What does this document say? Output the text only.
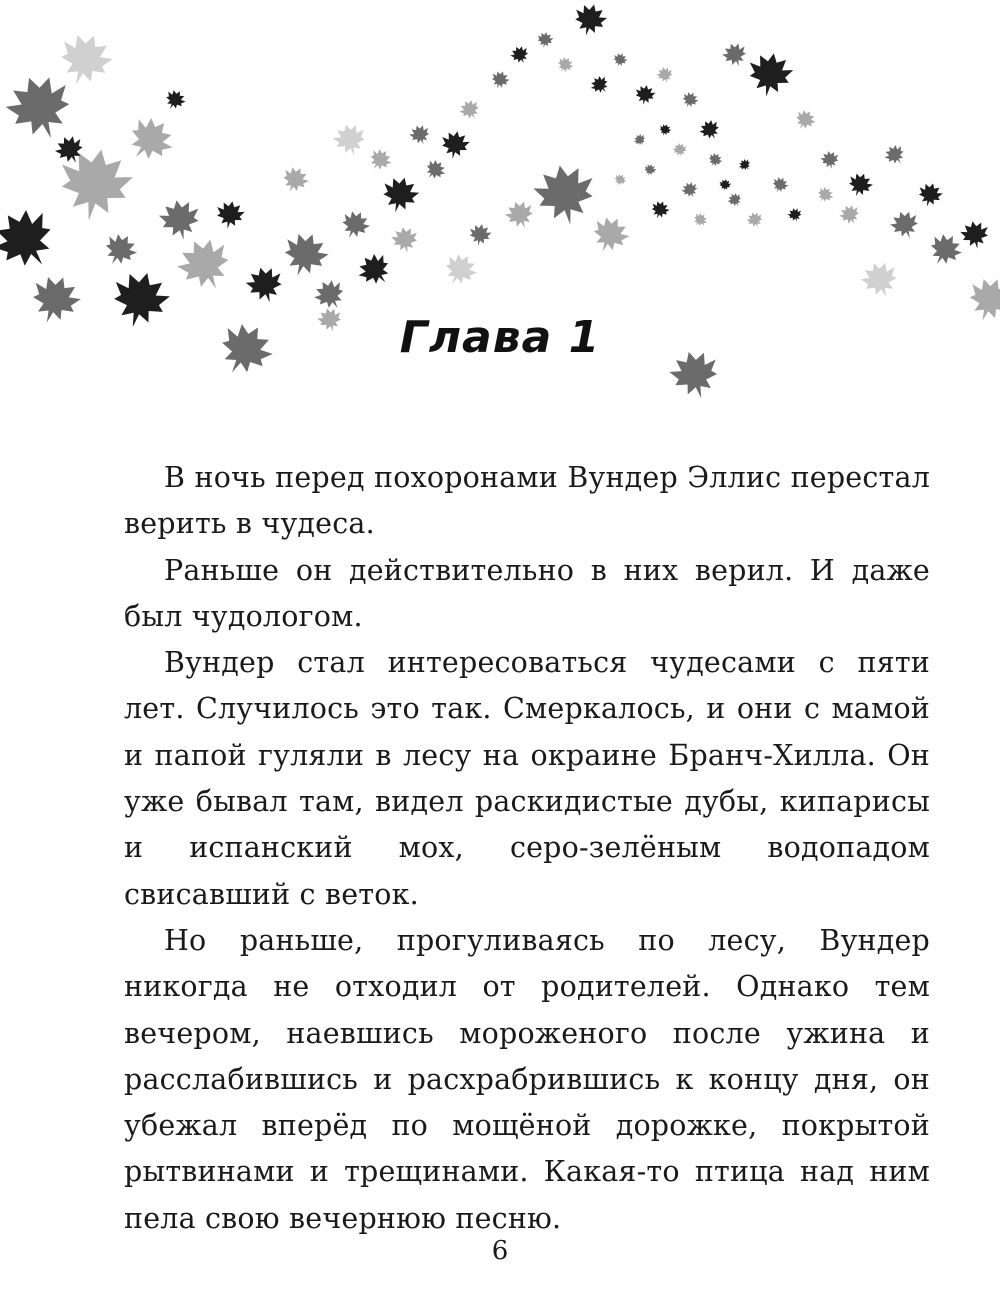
Глава 1

В ночь перед похоронами Вундер Эллис перестал верить в чудеса.

Раньше он действительно в них верил. И даже был чудологом.

Вундер стал интересоваться чудесами с пяти лет. Случилось это так. Смеркалось, и они с мамой и папой гуляли в лесу на окраине Бранч-Хилла. Он уже бывал там, видел раскидистые дубы, кипарисы и испанский мох, серо-зелёным водопадом свисавший с веток.

Но раньше, прогуливаясь по лесу, Вундер никогда не отходил от родителей. Однако тем вечером, наевшись мороженого после ужина и расслабившись и расхрабрившись к концу дня, он убежал вперёд по мощёной дорожке, покрытой рытвинами и трещинами. Какая-то птица над ним пела свою вечернюю песню.

6
